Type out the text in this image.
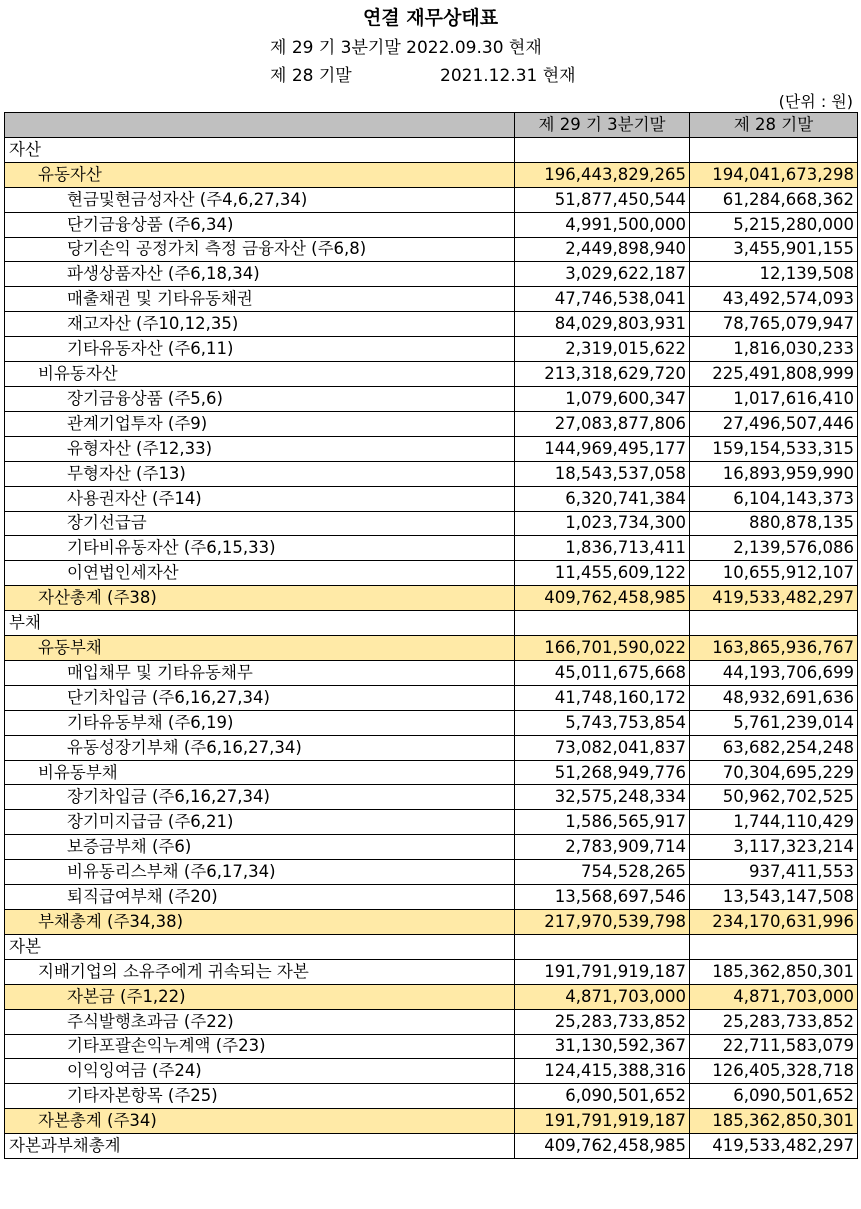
연결 재무상태표
제 29 기 3분기말 2022.09.30 현재
제 28 기말	2021.12.31 현재
(단위 : 원)
	제 29 기 3분기말	제 28 기말
자산		
유동자산	196,443,829,265	194,041,673,298
현금및현금성자산 (주4,6,27,34)	51,877,450,544	61,284,668,362
단기금융상품 (주6,34)	4,991,500,000	5,215,280,000
당기손익 공정가치 측정 금융자산 (주6,8)	2,449,898,940	3,455,901,155
파생상품자산 (주6,18,34)	3,029,622,187	12,139,508
매출채권 및 기타유동채권	47,746,538,041	43,492,574,093
재고자산 (주10,12,35)	84,029,803,931	78,765,079,947
기타유동자산 (주6,11)	2,319,015,622	1,816,030,233
비유동자산	213,318,629,720	225,491,808,999
장기금융상품 (주5,6)	1,079,600,347	1,017,616,410
관계기업투자 (주9)	27,083,877,806	27,496,507,446
유형자산 (주12,33)	144,969,495,177	159,154,533,315
무형자산 (주13)	18,543,537,058	16,893,959,990
사용권자산 (주14)	6,320,741,384	6,104,143,373
장기선급금	1,023,734,300	880,878,135
기타비유동자산 (주6,15,33)	1,836,713,411	2,139,576,086
이연법인세자산	11,455,609,122	10,655,912,107
자산총계 (주38)	409,762,458,985	419,533,482,297
부채		
유동부채	166,701,590,022	163,865,936,767
매입채무 및 기타유동채무	45,011,675,668	44,193,706,699
단기차입금 (주6,16,27,34)	41,748,160,172	48,932,691,636
기타유동부채 (주6,19)	5,743,753,854	5,761,239,014
유동성장기부채 (주6,16,27,34)	73,082,041,837	63,682,254,248
비유동부채	51,268,949,776	70,304,695,229
장기차입금 (주6,16,27,34)	32,575,248,334	50,962,702,525
장기미지급금 (주6,21)	1,586,565,917	1,744,110,429
보증금부채 (주6)	2,783,909,714	3,117,323,214
비유동리스부채 (주6,17,34)	754,528,265	937,411,553
퇴직급여부채 (주20)	13,568,697,546	13,543,147,508
부채총계 (주34,38)	217,970,539,798	234,170,631,996
자본		
지배기업의 소유주에게 귀속되는 자본	191,791,919,187	185,362,850,301
자본금 (주1,22)	4,871,703,000	4,871,703,000
주식발행초과금 (주22)	25,283,733,852	25,283,733,852
기타포괄손익누계액 (주23)	31,130,592,367	22,711,583,079
이익잉여금 (주24)	124,415,388,316	126,405,328,718
기타자본항목 (주25)	6,090,501,652	6,090,501,652
자본총계 (주34)	191,791,919,187	185,362,850,301
자본과부채총계	409,762,458,985	419,533,482,297
